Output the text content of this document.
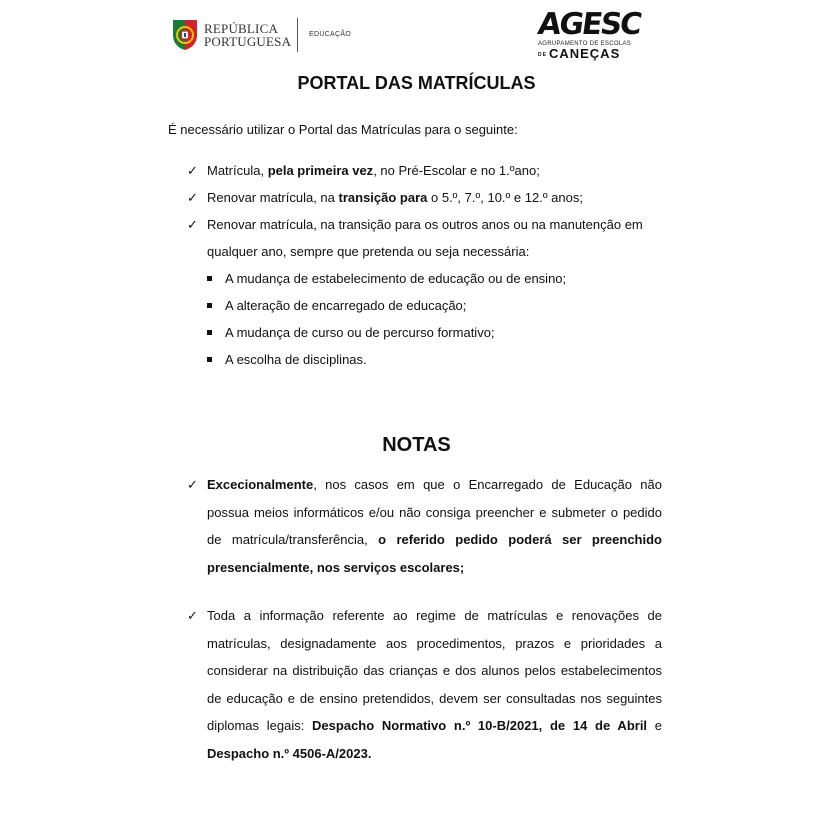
REPÚBLICA
PORTUGUESA	EDUCAÇÃO	AGESC
AGRUPAMENTO DE ESCOLAS
DE CANEÇAS
PORTAL DAS MATRÍCULAS
É necessário utilizar o Portal das Matrículas para o seguinte:
✓ Matrícula, pela primeira vez, no Pré-Escolar e no 1.ºano;
✓ Renovar matrícula, na transição para o 5.º, 7.º, 10.º e 12.º anos;
✓ Renovar matrícula, na transição para os outros anos ou na manutenção em qualquer ano, sempre que pretenda ou seja necessária:
A mudança de estabelecimento de educação ou de ensino;
A alteração de encarregado de educação;
A mudança de curso ou de percurso formativo;
A escolha de disciplinas.
NOTAS
✓ Excecionalmente, nos casos em que o Encarregado de Educação não possua meios informáticos e/ou não consiga preencher e submeter o pedido de matrícula/transferência, o referido pedido poderá ser preenchido presencialmente, nos serviços escolares;
✓ Toda a informação referente ao regime de matrículas e renovações de matrículas, designadamente aos procedimentos, prazos e prioridades a considerar na distribuição das crianças e dos alunos pelos estabelecimentos de educação e de ensino pretendidos, devem ser consultadas nos seguintes diplomas legais: Despacho Normativo n.º 10-B/2021, de 14 de Abril e Despacho n.º 4506-A/2023.
